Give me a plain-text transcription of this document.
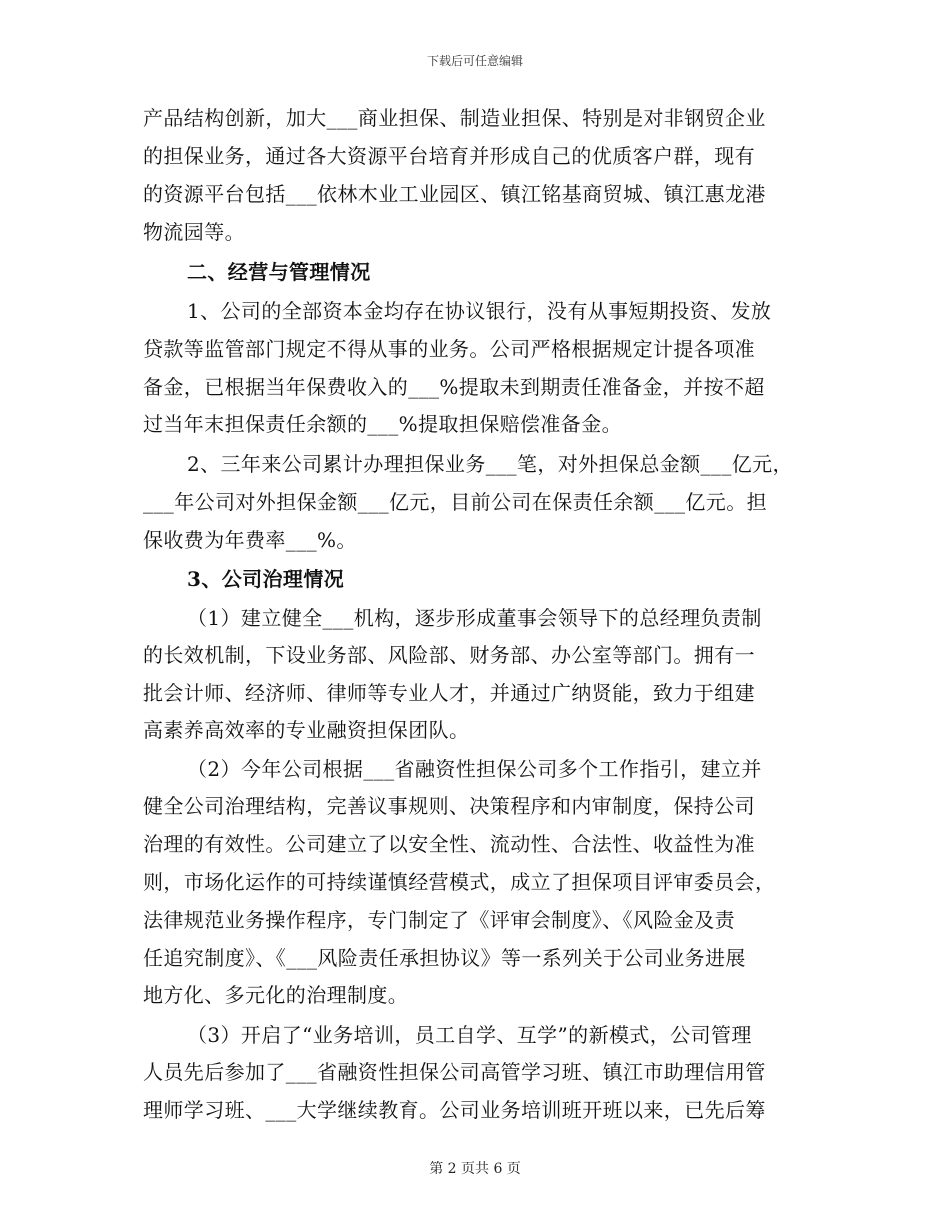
下载后可任意编辑

产品结构创新，加大___商业担保、制造业担保、特别是对非钢贸企业

的担保业务，通过各大资源平台培育并形成自己的优质客户群，现有

的资源平台包括___依林木业工业园区、镇江铭基商贸城、镇江惠龙港

物流园等。

二、经营与管理情况

1、公司的全部资本金均存在协议银行，没有从事短期投资、发放

贷款等监管部门规定不得从事的业务。公司严格根据规定计提各项准

备金，已根据当年保费收入的___%提取未到期责任准备金，并按不超

过当年末担保责任余额的___%提取担保赔偿准备金。

2、三年来公司累计办理担保业务___笔，对外担保总金额___亿元，

___年公司对外担保金额___亿元，目前公司在保责任余额___亿元。担

保收费为年费率___%。

3、公司治理情况

（1）建立健全___机构，逐步形成董事会领导下的总经理负责制

的长效机制，下设业务部、风险部、财务部、办公室等部门。拥有一

批会计师、经济师、律师等专业人才，并通过广纳贤能，致力于组建

高素养高效率的专业融资担保团队。

（2）今年公司根据___省融资性担保公司多个工作指引，建立并

健全公司治理结构，完善议事规则、决策程序和内审制度，保持公司

治理的有效性。公司建立了以安全性、流动性、合法性、收益性为准

则，市场化运作的可持续谨慎经营模式，成立了担保项目评审委员会，

法律规范业务操作程序，专门制定了《评审会制度》、《风险金及责

任追究制度》、《___风险责任承担协议》等一系列关于公司业务进展

地方化、多元化的治理制度。

（3）开启了“业务培训，员工自学、互学”的新模式，公司管理

人员先后参加了___省融资性担保公司高管学习班、镇江市助理信用管

理师学习班、___大学继续教育。公司业务培训班开班以来，已先后筹

第 2 页共 6 页
